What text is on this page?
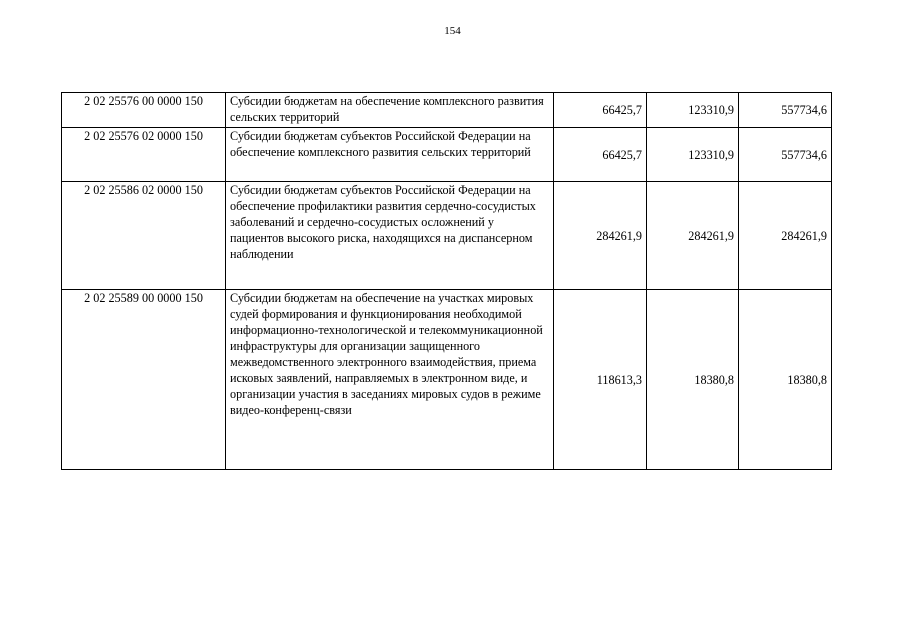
154
2 02 25576 00 0000 150	Субсидии бюджетам на обеспечение комплексного развития сельских территорий	66425,7	123310,9	557734,6
2 02 25576 02 0000 150	Субсидии бюджетам субъектов Российской Федерации на обеспечение комплексного развития сельских территорий	66425,7	123310,9	557734,6
2 02 25586 02 0000 150	Субсидии бюджетам субъектов Российской Федерации на обеспечение профилактики развития сердечно-сосудистых заболеваний и сердечно-сосудистых осложнений у пациентов высокого риска, находящихся на диспансерном наблюдении	284261,9	284261,9	284261,9
2 02 25589 00 0000 150	Субсидии бюджетам на обеспечение на участках мировых судей формирования и функционирования необходимой информационно-технологической и телекоммуникационной инфраструктуры для организации защищенного межведомственного электронного взаимодействия, приема исковых заявлений, направляемых в электронном виде, и организации участия в заседаниях мировых судов в режиме видео-конференц-связи	118613,3	18380,8	18380,8
